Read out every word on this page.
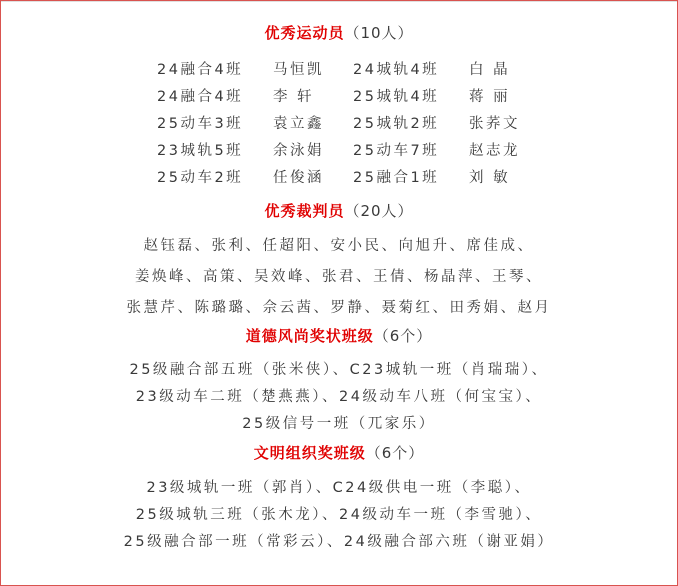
优秀运动员（10人）
24融合4班 马恒凯 24城轨4班 白 晶
24融合4班 李 轩	25城轨4班 蒋 丽
25动车3班 袁立鑫 25城轨2班 张荞文
23城轨5班 余泳娟 25动车7班 赵志龙
25动车2班 任俊涵 25融合1班 刘 敏
优秀裁判员（20人）
赵钰磊、张利、任超阳、安小民、向旭升、席佳成、
姜焕峰、高策、吴效峰、张君、王倩、杨晶萍、王琴、
张慧芹、陈璐璐、佘云茜、罗静、聂菊红、田秀娟、赵月
道德风尚奖状班级（6个）
25级融合部五班（张米侠）、C23城轨一班（肖瑞瑞）、
23级动车二班（楚燕燕）、24级动车八班（何宝宝）、
25级信号一班（兀家乐）
文明组织奖班级（6个）
23级城轨一班（郭肖）、C24级供电一班（李聪）、
25级城轨三班（张木龙）、24级动车一班（李雪驰）、
25级融合部一班（常彩云）、24级融合部六班（谢亚娟）
